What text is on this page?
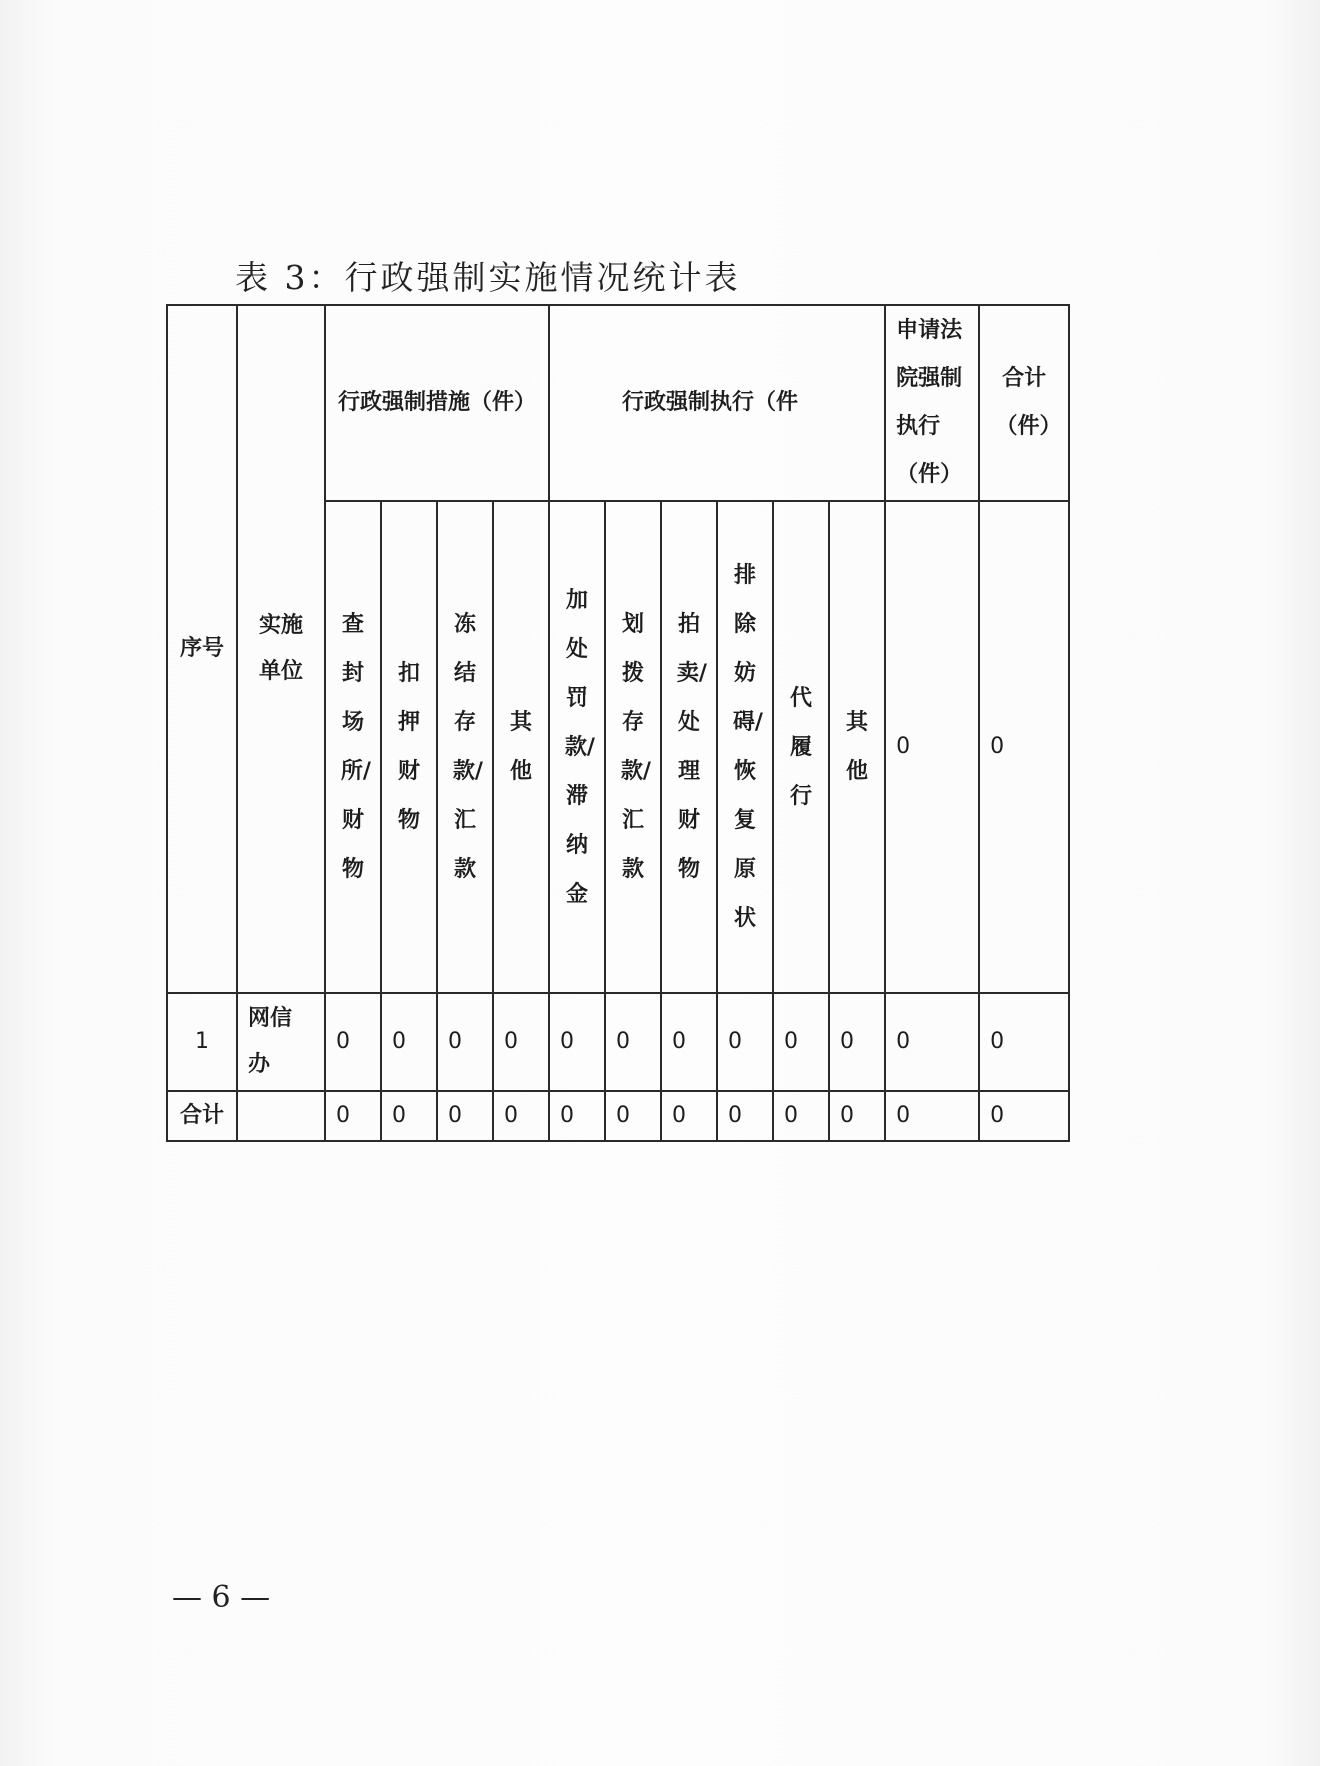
表 3：行政强制实施情况统计表
序号	实施单位	行政强制措施（件）				行政强制执行（件						申请法院强制执行（件）	合计（件）
		查封场所/财物	扣押财物	冻结存款/汇款	其他	加处罚款/滞纳金	划拨存款/汇款	拍卖/处理财物	排除妨碍/恢复原状	代履行	其他	0	0
1	网信办	0	0	0	0	0	0	0	0	0	0	0	0
合计		0	0	0	0	0	0	0	0	0	0	0	0
— 6 —
